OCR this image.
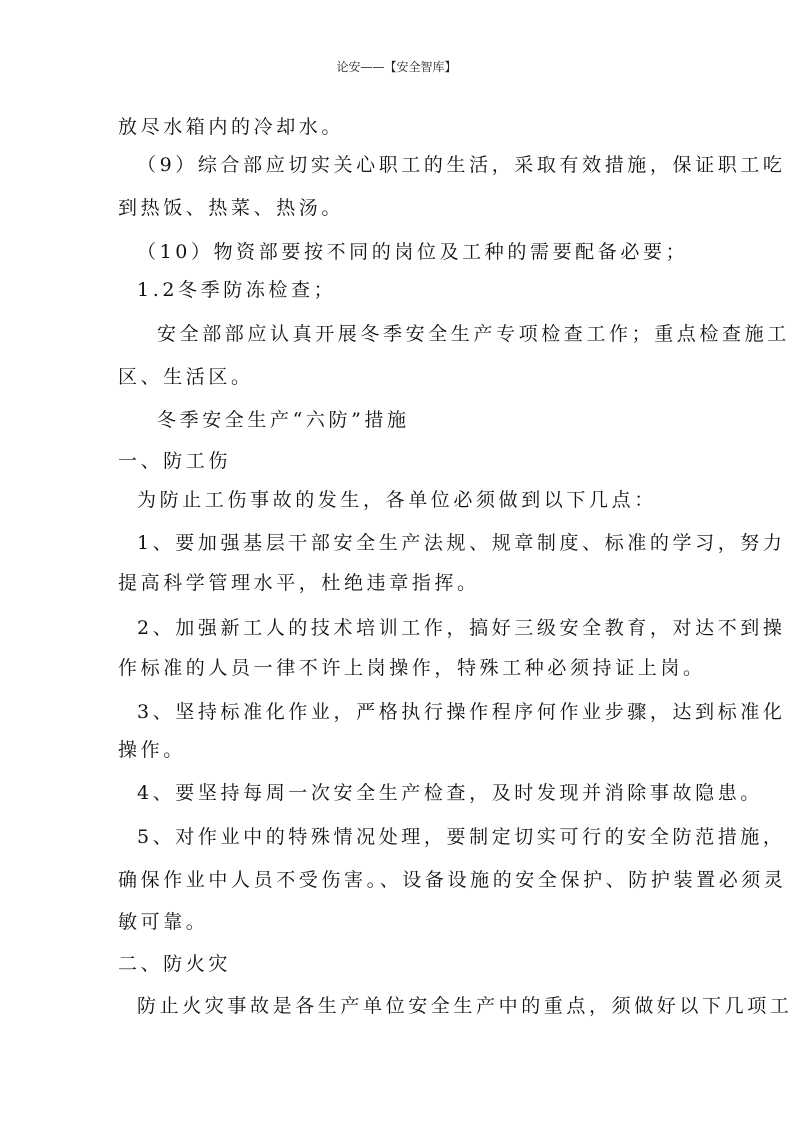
论安——【安全智库】
放尽水箱内的冷却水。
（9）综合部应切实关心职工的生活，采取有效措施，保证职工吃
到热饭、热菜、热汤。
（10）物资部要按不同的岗位及工种的需要配备必要；
1.2冬季防冻检查；
安全部部应认真开展冬季安全生产专项检查工作；重点检查施工
区、生活区。
冬季安全生产“六防”措施
一、防工伤
为防止工伤事故的发生，各单位必须做到以下几点：
1、要加强基层干部安全生产法规、规章制度、标准的学习，努力
提高科学管理水平，杜绝违章指挥。
2、加强新工人的技术培训工作，搞好三级安全教育，对达不到操
作标准的人员一律不许上岗操作，特殊工种必须持证上岗。
3、坚持标准化作业，严格执行操作程序何作业步骤，达到标准化
操作。
4、要坚持每周一次安全生产检查，及时发现并消除事故隐患。
5、对作业中的特殊情况处理，要制定切实可行的安全防范措施，
确保作业中人员不受伤害。、设备设施的安全保护、防护装置必须灵
敏可靠。
二、防火灾
防止火灾事故是各生产单位安全生产中的重点，须做好以下几项工
